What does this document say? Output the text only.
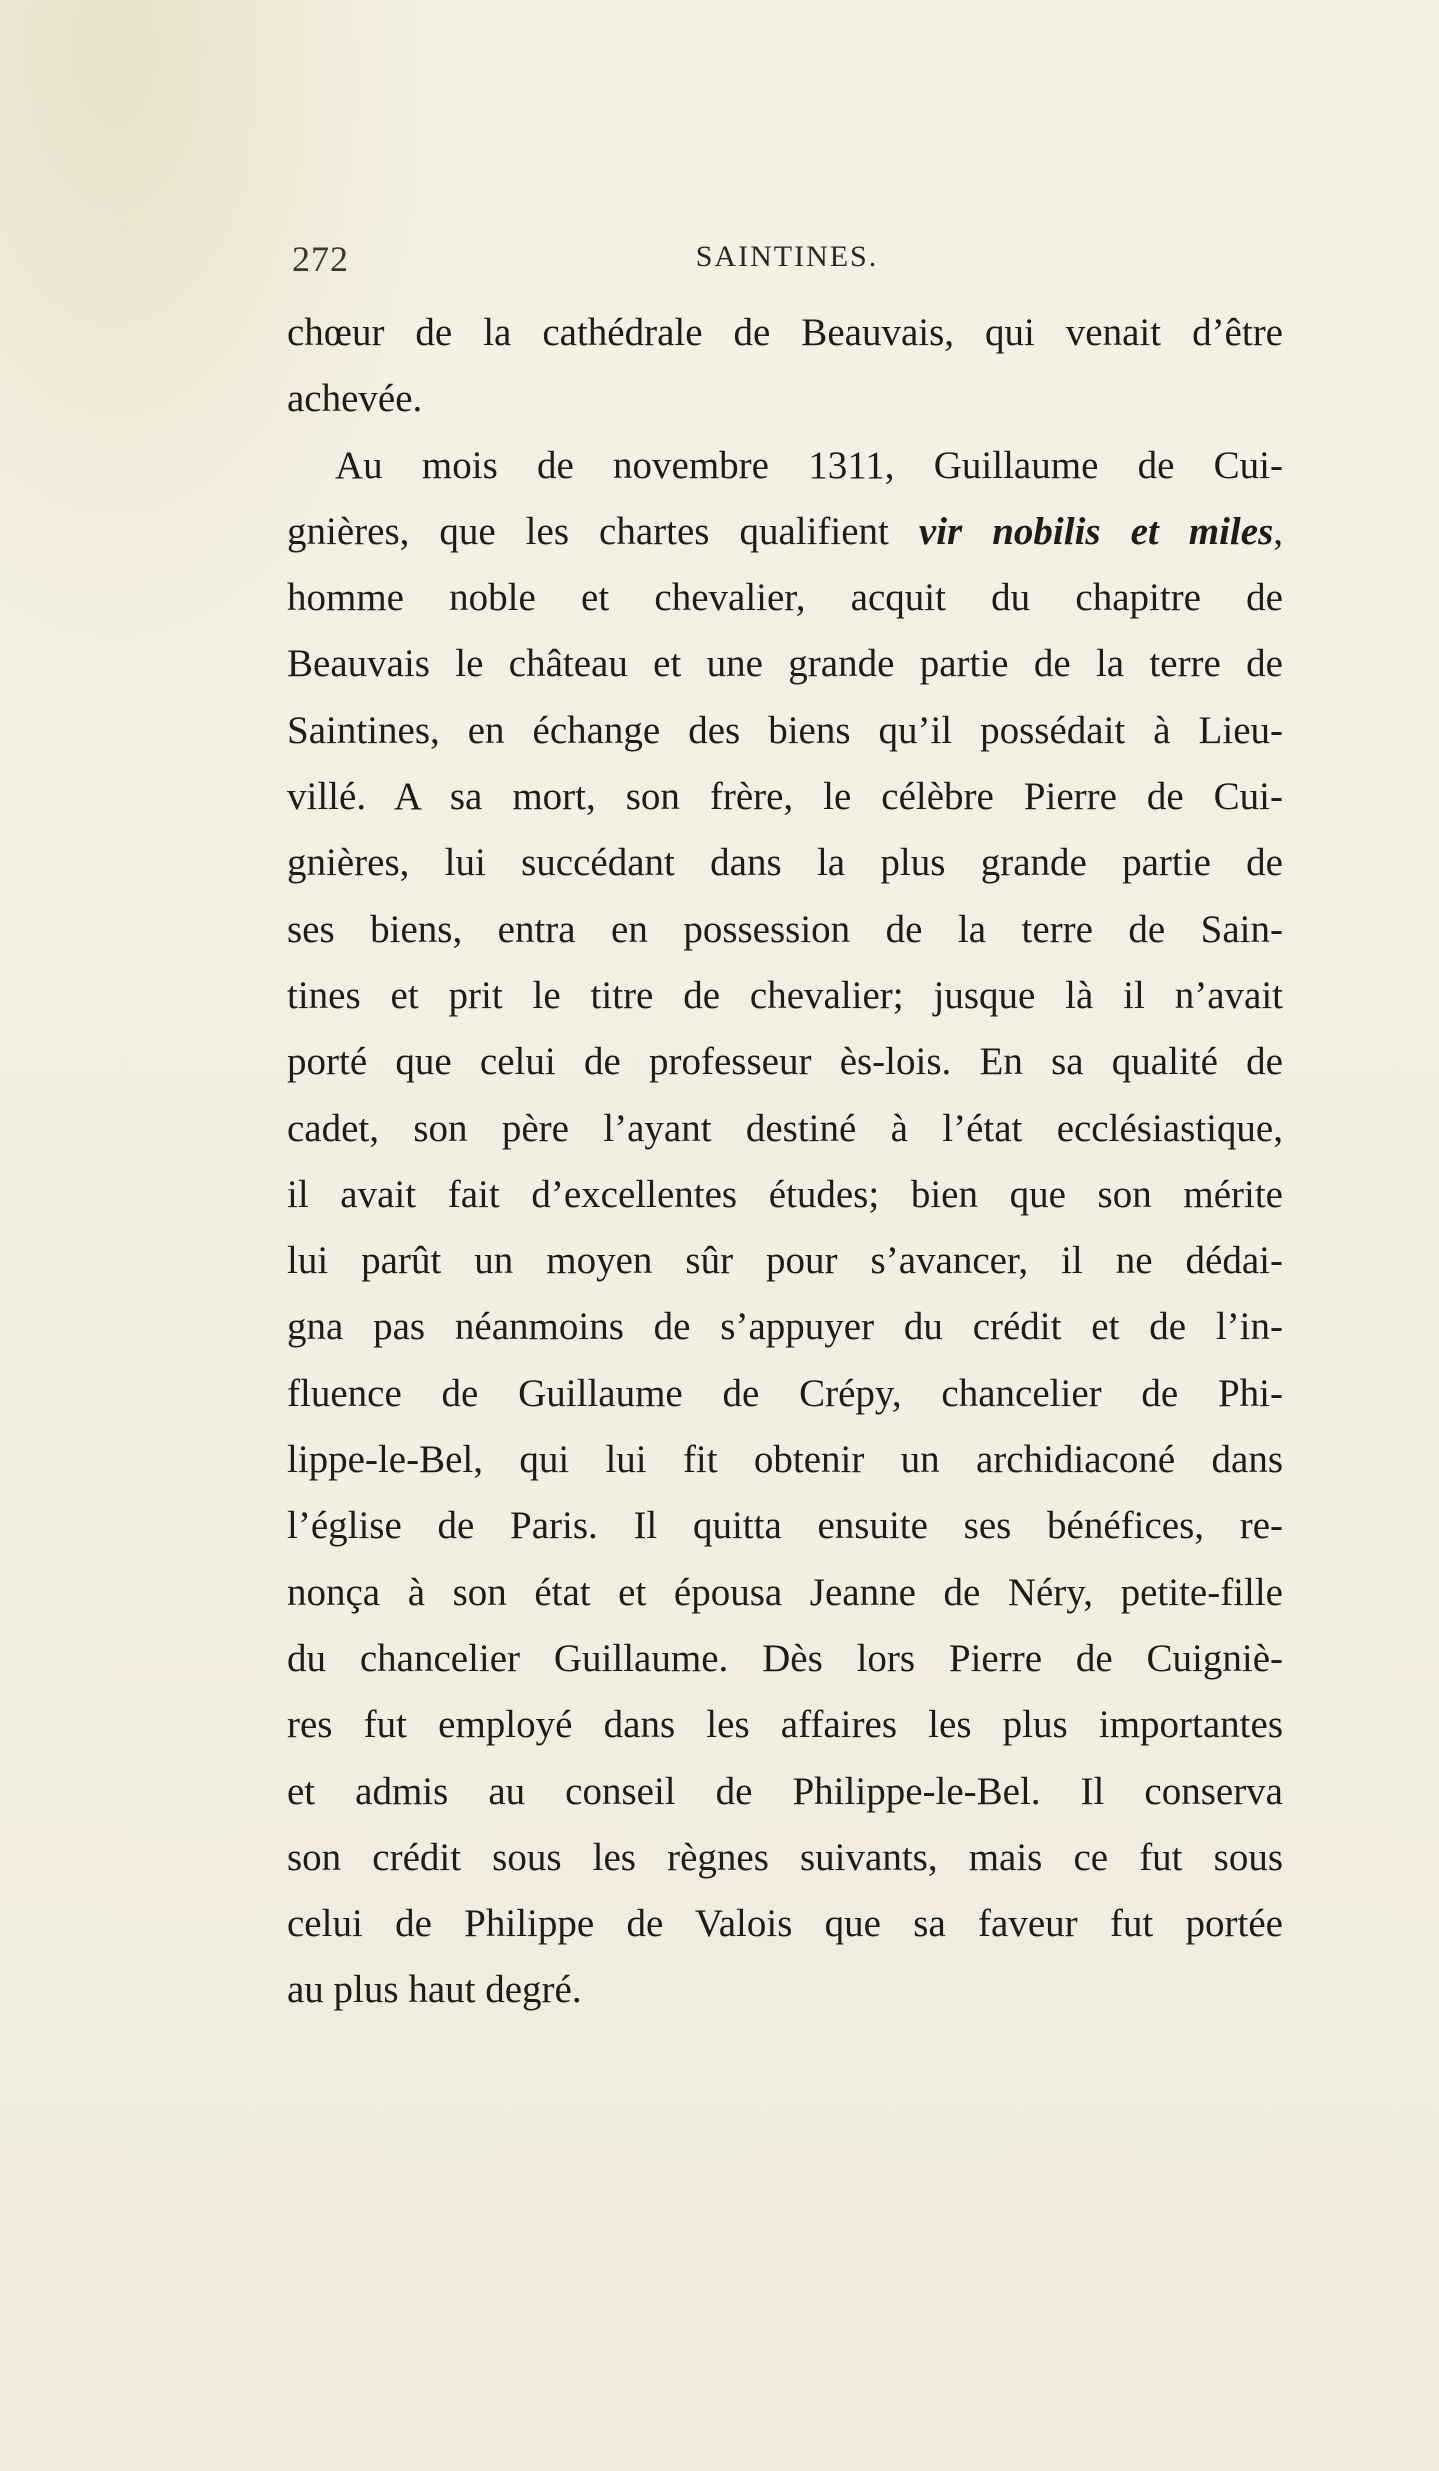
272	SAINTINES.
chœur de la cathédrale de Beauvais, qui venait d’être
achevée.
Au mois de novembre 1311, Guillaume de Cui-
gnières, que les chartes qualifient vir nobilis et miles,
homme noble et chevalier, acquit du chapitre de
Beauvais le château et une grande partie de la terre de
Saintines, en échange des biens qu’il possédait à Lieu-
villé. A sa mort, son frère, le célèbre Pierre de Cui-
gnières, lui succédant dans la plus grande partie de
ses biens, entra en possession de la terre de Sain-
tines et prit le titre de chevalier; jusque là il n’avait
porté que celui de professeur ès-lois. En sa qualité de
cadet, son père l’ayant destiné à l’état ecclésiastique,
il avait fait d’excellentes études; bien que son mérite
lui parût un moyen sûr pour s’avancer, il ne dédai-
gna pas néanmoins de s’appuyer du crédit et de l’in-
fluence de Guillaume de Crépy, chancelier de Phi-
lippe-le-Bel, qui lui fit obtenir un archidiaconé dans
l’église de Paris. Il quitta ensuite ses bénéfices, re-
nonça à son état et épousa Jeanne de Néry, petite-fille
du chancelier Guillaume. Dès lors Pierre de Cuigniè-
res fut employé dans les affaires les plus importantes
et admis au conseil de Philippe-le-Bel. Il conserva
son crédit sous les règnes suivants, mais ce fut sous
celui de Philippe de Valois que sa faveur fut portée
au plus haut degré.
